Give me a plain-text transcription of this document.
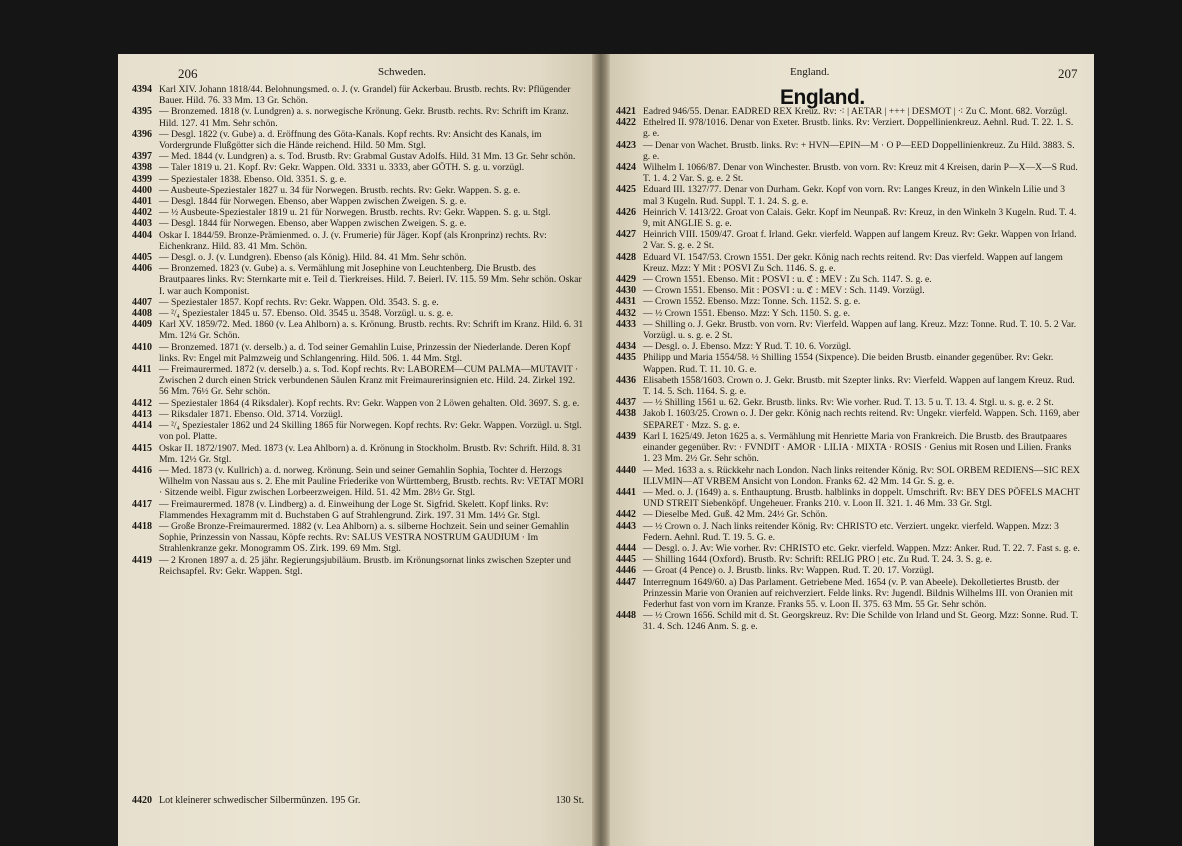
206	Schweden.	England.	207
England.
4394 Karl XIV. Johann 1818/44. Belohnungsmed. o. J. (v. Grandel) für Ackerbau. Brustb. rechts. Rv: Pflügender Bauer. Hild. 76. 33 Mm. 13 Gr. Schön.
4395 — Bronzemed. 1818 (v. Lundgren) a. s. norwegische Krönung. Gekr. Brustb. rechts. Rv: Schrift im Kranz. Hild. 127. 41 Mm. Sehr schön.
4396 — Desgl. 1822 (v. Gube) a. d. Eröffnung des Göta-Kanals. Kopf rechts. Rv: Ansicht des Kanals, im Vordergrunde Flußgötter sich die Hände reichend. Hild. 50 Mm. Stgl.
4397 — Med. 1844 (v. Lundgren) a. s. Tod. Brustb. Rv: Grabmal Gustav Adolfs. Hild. 31 Mm. 13 Gr. Sehr schön.
4398 — Taler 1819 u. 21. Kopf. Rv: Gekr. Wappen. Old. 3331 u. 3333, aber GÖTH. S. g. u. vorzügl.
4399 — Speziestaler 1838. Ebenso. Old. 3351. S. g. e.
4400 — Ausbeute-Speziestaler 1827 u. 34 für Norwegen. Brustb. rechts. Rv: Gekr. Wappen. S. g. e.
4401 — Desgl. 1844 für Norwegen. Ebenso, aber Wappen zwischen Zweigen. S. g. e.
4402 — ½ Ausbeute-Speziestaler 1819 u. 21 für Norwegen. Brustb. rechts. Rv: Gekr. Wappen. S. g. u. Stgl.
4403 — Desgl. 1844 für Norwegen. Ebenso, aber Wappen zwischen Zweigen. S. g. e.
4404 Oskar I. 1844/59. Bronze-Prämienmed. o. J. (v. Frumerie) für Jäger. Kopf (als Kronprinz) rechts. Rv: Eichenkranz. Hild. 83. 41 Mm. Schön.
4405 — Desgl. o. J. (v. Lundgren). Ebenso (als König). Hild. 84. 41 Mm. Sehr schön.
4406 — Bronzemed. 1823 (v. Gube) a. s. Vermählung mit Josephine von Leuchtenberg. Die Brustb. des Brautpaares links. Rv: Sternkarte mit e. Teil d. Tierkreises. Hild. 7. Beierl. IV. 115. 59 Mm. Sehr schön. Oskar I. war auch Komponist.
4407 — Speziestaler 1857. Kopf rechts. Rv: Gekr. Wappen. Old. 3543. S. g. e.
4408 — ²/₄ Speziestaler 1845 u. 57. Ebenso. Old. 3545 u. 3548. Vorzügl. u. s. g. e.
4409 Karl XV. 1859/72. Med. 1860 (v. Lea Ahlborn) a. s. Krönung. Brustb. rechts. Rv: Schrift im Kranz. Hild. 6. 31 Mm. 12¼ Gr. Schön.
4410 — Bronzemed. 1871 (v. derselb.) a. d. Tod seiner Gemahlin Luise, Prinzessin der Niederlande. Deren Kopf links. Rv: Engel mit Palmzweig und Schlangenring. Hild. 506. 1. 44 Mm. Stgl.
4411 — Freimaurermed. 1872 (v. derselb.) a. s. Tod. Kopf rechts. Rv: LABOREM—CUM PALMA—MUTAVIT · Zwischen 2 durch einen Strick verbundenen Säulen Kranz mit Freimaurerinsignien etc. Hild. 24. Zirkel 192. 56 Mm. 76½ Gr. Sehr schön.
4412 — Speziestaler 1864 (4 Riksdaler). Kopf rechts. Rv: Gekr. Wappen von 2 Löwen gehalten. Old. 3697. S. g. e.
4413 — Riksdaler 1871. Ebenso. Old. 3714. Vorzügl.
4414 — ²/₄ Speziestaler 1862 und 24 Skilling 1865 für Norwegen. Kopf rechts. Rv: Gekr. Wappen. Vorzügl. u. Stgl. von pol. Platte.
4415 Oskar II. 1872/1907. Med. 1873 (v. Lea Ahlborn) a. d. Krönung in Stockholm. Brustb. Rv: Schrift. Hild. 8. 31 Mm. 12½ Gr. Stgl.
4416 — Med. 1873 (v. Kullrich) a. d. norweg. Krönung. Sein und seiner Gemahlin Sophia, Tochter d. Herzogs Wilhelm von Nassau aus s. 2. Ehe mit Pauline Friederike von Württemberg, Brustb. rechts. Rv: VETAT MORI · Sitzende weibl. Figur zwischen Lorbeerzweigen. Hild. 51. 42 Mm. 28½ Gr. Stgl.
4417 — Freimaurermed. 1878 (v. Lindberg) a. d. Einweihung der Loge St. Sigfrid. Skelett. Kopf links. Rv: Flammendes Hexagramm mit d. Buchstaben G auf Strahlengrund. Zirk. 197. 31 Mm. 14½ Gr. Stgl.
4418 — Große Bronze-Freimaurermed. 1882 (v. Lea Ahlborn) a. s. silberne Hochzeit. Sein und seiner Gemahlin Sophie, Prinzessin von Nassau, Köpfe rechts. Rv: SALUS VESTRA NOSTRUM GAUDIUM · Im Strahlenkranze gekr. Monogramm OS. Zirk. 199. 69 Mm. Stgl.
4419 — 2 Kronen 1897 a. d. 25 jähr. Regierungsjubiläum. Brustb. im Krönungsornat links zwischen Szepter und Reichsapfel. Rv: Gekr. Wappen. Stgl.
4421 Eadred 946/55. Denar. EADRED REX Kreuz. Rv: ⁖ | AETAR | +++ | DESMOT | ⁖ Zu C. Mont. 682. Vorzügl.
4422 Ethelred II. 978/1016. Denar von Exeter. Brustb. links. Rv: Verziert. Doppellinienkreuz. Aehnl. Rud. T. 22. 1. S. g. e.
4423 — Denar von Wachet. Brustb. links. Rv: + HVN—EPIN—M · O P—EED Doppellinienkreuz. Zu Hild. 3883. S. g. e.
4424 Wilhelm I. 1066/87. Denar von Winchester. Brustb. von vorn. Rv: Kreuz mit 4 Kreisen, darin P—X—X—S Rud. T. 1. 4. 2 Var. S. g. e. 2 St.
4425 Eduard III. 1327/77. Denar von Durham. Gekr. Kopf von vorn. Rv: Langes Kreuz, in den Winkeln Lilie und 3 mal 3 Kugeln. Rud. Suppl. T. 1. 24. S. g. e.
4426 Heinrich V. 1413/22. Groat von Calais. Gekr. Kopf im Neunpaß. Rv: Kreuz, in den Winkeln 3 Kugeln. Rud. T. 4. 9, mit ANGLIE S. g. e.
4427 Heinrich VIII. 1509/47. Groat f. Irland. Gekr. vierfeld. Wappen auf langem Kreuz. Rv: Gekr. Wappen von Irland. 2 Var. S. g. e. 2 St.
4428 Eduard VI. 1547/53. Crown 1551. Der gekr. König nach rechts reitend. Rv: Das vierfeld. Wappen auf langem Kreuz. Mzz: Y Mit : POSVI Zu Sch. 1146. S. g. e.
4429 — Crown 1551. Ebenso. Mit : POSVI : u. ℭ : MEV : Zu Sch. 1147. S. g. e.
4430 — Crown 1551. Ebenso. Mit : POSVI : u. ℭ : MEV : Sch. 1149. Vorzügl.
4431 — Crown 1552. Ebenso. Mzz: Tonne. Sch. 1152. S. g. e.
4432 — ½ Crown 1551. Ebenso. Mzz: Y Sch. 1150. S. g. e.
4433 — Shilling o. J. Gekr. Brustb. von vorn. Rv: Vierfeld. Wappen auf lang. Kreuz. Mzz: Tonne. Rud. T. 10. 5. 2 Var. Vorzügl. u. s. g. e. 2 St.
4434 — Desgl. o. J. Ebenso. Mzz: Y Rud. T. 10. 6. Vorzügl.
4435 Philipp und Maria 1554/58. ½ Shilling 1554 (Sixpence). Die beiden Brustb. einander gegenüber. Rv: Gekr. Wappen. Rud. T. 11. 10. G. e.
4436 Elisabeth 1558/1603. Crown o. J. Gekr. Brustb. mit Szepter links. Rv: Vierfeld. Wappen auf langem Kreuz. Rud. T. 14. 5. Sch. 1164. S. g. e.
4437 — ½ Shilling 1561 u. 62. Gekr. Brustb. links. Rv: Wie vorher. Rud. T. 13. 5 u. T. 13. 4. Stgl. u. s. g. e. 2 St.
4438 Jakob I. 1603/25. Crown o. J. Der gekr. König nach rechts reitend. Rv: Ungekr. vierfeld. Wappen. Sch. 1169, aber SEPARET · Mzz. S. g. e.
4439 Karl I. 1625/49. Jeton 1625 a. s. Vermählung mit Henriette Maria von Frankreich. Die Brustb. des Brautpaares einander gegenüber. Rv: · FVNDIT · AMOR · LILIA · MIXTA · ROSIS · Genius mit Rosen und Lilien. Franks 1. 23 Mm. 2½ Gr. Sehr schön.
4440 — Med. 1633 a. s. Rückkehr nach London. Nach links reitender König. Rv: SOL ORBEM REDIENS—SIC REX ILLVMIN—AT VRBEM Ansicht von London. Franks 62. 42 Mm. 14 Gr. S. g. e.
4441 — Med. o. J. (1649) a. s. Enthauptung. Brustb. halblinks in doppelt. Umschrift. Rv: BEY DES PÖFELS MACHT UND STREIT Siebenköpf. Ungeheuer. Franks 210. v. Loon II. 321. 1. 46 Mm. 33 Gr. Stgl.
4442 — Dieselbe Med. Guß. 42 Mm. 24½ Gr. Schön.
4443 — ½ Crown o. J. Nach links reitender König. Rv: CHRISTO etc. Verziert. ungekr. vierfeld. Wappen. Mzz: 3 Federn. Aehnl. Rud. T. 19. 5. G. e.
4444 — Desgl. o. J. Av: Wie vorher. Rv: CHRISTO etc. Gekr. vierfeld. Wappen. Mzz: Anker. Rud. T. 22. 7. Fast s. g. e.
4445 — Shilling 1644 (Oxford). Brustb. Rv: Schrift: RELIG PRO | etc. Zu Rud. T. 24. 3. S. g. e.
4446 — Groat (4 Pence) o. J. Brustb. links. Rv: Wappen. Rud. T. 20. 17. Vorzügl.
4447 Interregnum 1649/60. a) Das Parlament. Getriebene Med. 1654 (v. P. van Abeele). Dekolletiertes Brustb. der Prinzessin Marie von Oranien auf reichverziert. Felde links. Rv: Jugendl. Bildnis Wilhelms III. von Oranien mit Federhut fast von vorn im Kranze. Franks 55. v. Loon II. 375. 63 Mm. 55 Gr. Sehr schön.
4448 — ½ Crown 1656. Schild mit d. St. Georgskreuz. Rv: Die Schilde von Irland und St. Georg. Mzz: Sonne. Rud. T. 31. 4. Sch. 1246 Anm. S. g. e.
4420 Lot kleinerer schwedischer Silbermünzen. 195 Gr.	130 St.
